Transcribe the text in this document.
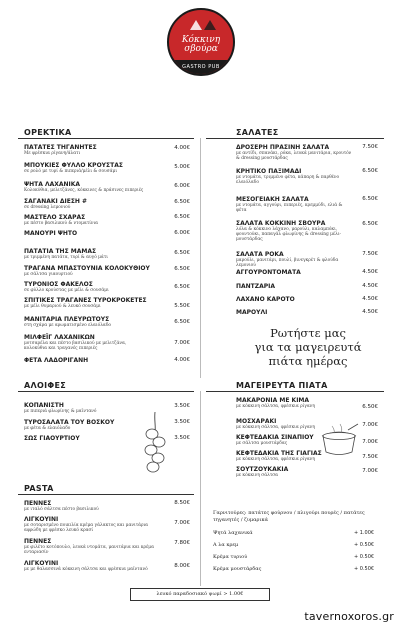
Κόκκινη
σβούρα
GASTRO PUB
ΟΡΕΚΤΙΚΑ	ΣΑΛΑΤΕΣ
ΑΛΟΙΦΕΣ	ΜΑΓΕΙΡΕΥΤΑ ΠΙΑΤΑ
PASTA
ΠΑΤΑΤΕΣ ΤΗΓΑΝΗΤΕΣ
Με φρέσκια ρίγανη/άλατι
4.00€
ΜΠΟΥΚΙΕΣ ΦΥΛΛΟ ΚΡΟΥΣΤΑΣ
σε ρολό με τυρί & πιπεριά/μέλι & σουσάμι
5.00€
ΨΗΤΑ ΛΑΧΑΝΙΚΑ
Κολοκύθια, μελιτζάνες, κόκκινες & πράσινες πιπεριές
6.00€
ΣΑΓΑΝΑΚΙ ΔΙΕΣΗ #
σε dressing λεμονιού
6.50€
ΜΑΣΤΕΛΟ ΣΧΑΡΑΣ
με πέστο βασιλικού & ντοματίνια
6.50€
ΜΑΝΟΥΡΙ ΨΗΤΟ	6.00€
ΠΑΤΑΤΙΑ ΤΗΣ ΜΑΜΑΣ
με τριμμένη πατάτα, τυρί & αυγό μάτι
6.50€
ΤΡΑΓΑΝΑ ΜΠΑΣΤΟΥΝΙΑ ΚΟΛΟΚΥΘΙΟΥ
με σάλτσα γιαουρτιού
6.50€
ΤΥΡΟΝΙΟΣ ΦΑΚΕΛΟΣ
σε φύλλο κρούστας με μέλι & σουσάμι
6.50€
ΣΠΙΤΙΚΕΣ ΤΡΑΓΑΝΕΣ ΤΥΡΟΚΡΟΚΕΤΕΣ
με μέλι θυμαριού & λευκό σουσάμι	5.50€
ΜΑΝΙΤΑΡΙΑ ΠΛΕΥΡΩΤΟΥΣ
στη σχάρα με αρωματισμένο ελαιόλαδο
6.50€
ΜΙΛΦΕΪΓ ΛΑΧΑΝΙΚΩΝ
μοτσαρέλα και πέστο βασιλικού με μελιτζάνα, κολοκύθια και τραγανές πιπεριές
7.00€
ΦΕΤΑ ΛΑΔΟΡΙΓΑΝΗ	4.00€
ΔΡΟΣΕΡΗ ΠΡΑΣΙΝΗ ΣΑΛΑΤΑ
με αντίδι, σπανάκι, ρόκα, λευκά μανιτάρια, κρουτόν & dressing μουστάρδας
7.50€
ΚΡΗΤΙΚΟ ΠΑΞΙΜΑΔΙ
με ντομάτα, τριμμένο φέτα, κάπαρη & παρθένο ελαιόλαδο
6.50€
ΜΕΣΟΓΕΙΑΚΗ ΣΑΛΑΤΑ
με ντομάτα, αγγούρι, πιπεριές, κρεμμύδι, ελιά & φέτα
6.50€
ΣΑΛΑΤΑ ΚΟΚΚΙΝΗ ΣΒΟΥΡΑ
λόλα & κόκκινο λάχανο, μαρούλι, καλαμπόκι, φουντούκι, παπαγάλ φλωρίνης & dressing μέλι-μουστάρδας
6.50€
ΣΑΛΑΤΑ ΡΟΚΑ
μαρούλι, μανιτάρι, πουλί, βινεγκρέτ & φλούδα λεμονιού
7.50€
ΑΓΓΟΥΡΟΝΤΟΜΑΤΑ	4.50€
ΠΑΝΤΖΑΡΙΑ	4.50€
ΛΑΧΑΝΟ ΚΑΡΟΤΟ	4.50€
ΜΑΡΟΥΛΙ	4.50€
Ρωτήστε μας
για τα μαγειρευτά
πιάτα ημέρας
ΚΟΠΑΝΙΣΤΗ
με πιπεριά φλωρίνης & μαϊντανό
3.50€
ΤΥΡΟΣΑΛΑΤΑ ΤΟΥ ΒΟΣΚΟΥ
με φέτα & ελαιόλαδο
3.50€
ΣΩΣ ΓΙΑΟΥΡΤΙΟΥ	3.50€
ΜΑΚΑΡΟΝΙΑ ΜΕ ΚΙΜΑ
με κόκκινη σάλτσα, φρέσκια ρίγανη	6.50€
ΜΟΣΧΑΡΑΚΙ
με κόκκινη σάλτσα, φρέσκια ρίγανη	7.00€
ΚΕΦΤΕΔΑΚΙΑ ΣΙΝΑΠΙΟΥ
με σάλτσα μουστάρδας	7.00€
ΚΕΦΤΕΔΑΚΙΑ ΤΗΣ ΓΙΑΓΙΑΣ
με κόκκινη σάλτσα, φρέσκια ρίγανη	7.50€
ΣΟΥΤΖΟΥΚΑΚΙΑ
με κόκκινη σάλτσα
7.00€
ΠΕΝΝΕΣ
με ιταλό σάλτσα πέστο βασιλικού
8.50€
ΛΙΓΚΟΥΙΝΙ
με σοταρισμένο ποικιλία κρέμα γάλακτος και μανιτάρια αφρώδη με φρέσκο λευκό κρασί
7.00€
ΠΕΝΝΕΣ
με φιλέτο κοτόπουλο, λευκά ντομάτα, μανιτάρια και κρέμα ενταριασίν
7.80€
ΛΙΓΚΟΥΙΝΙ
με με θαλασσινά κόκκινη σάλτσα και φρέσκια μαϊντανό
8.00€
Γαρνιτούρες: πατάτες φούρνου / πλιγούρι πουρές / πατάτες τηγανητές / ζυμαρικά
Ψητά λαχανικά	+ 1.00€
Α λα κρεμ	+ 0.50€
Κρέμα τυριού	+ 0.50€
Κρέμα μουστάρδας	+ 0.50€
λευκό παραδοσιακό ψωμί > 1.00€
tavernoxoros.gr
